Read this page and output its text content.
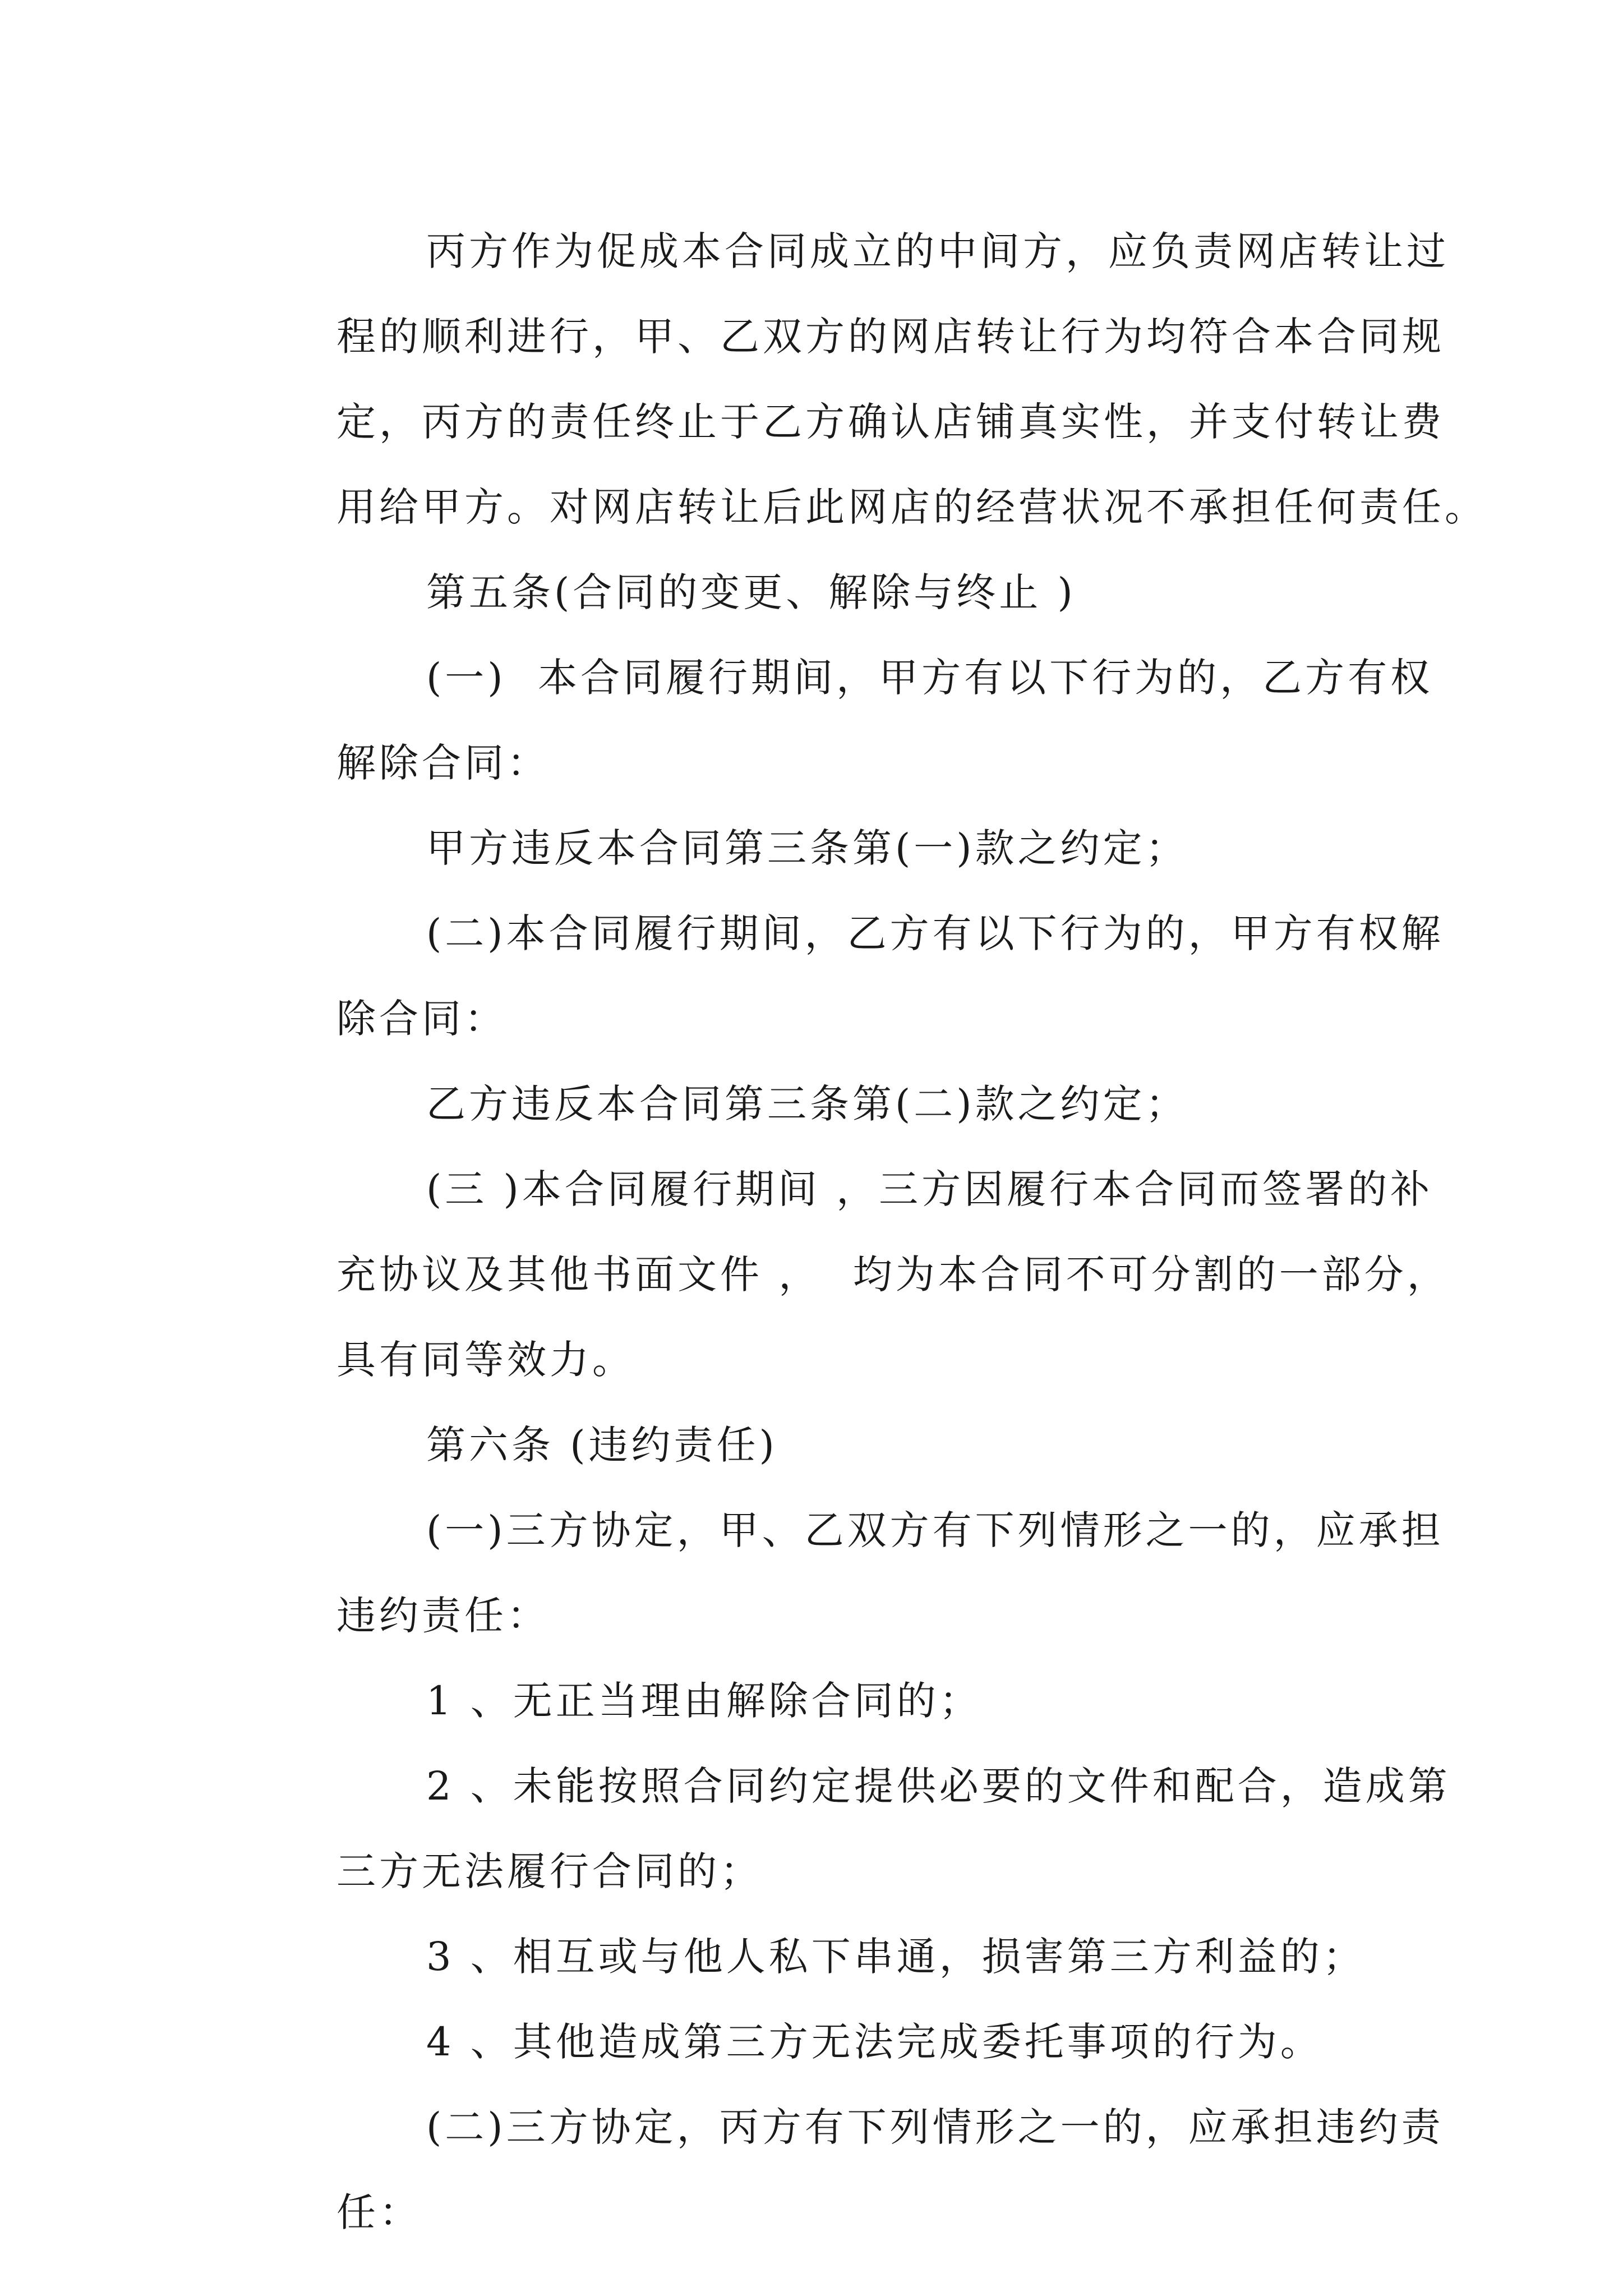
丙方作为促成本合同成立的中间方，应负责网店转让过
程的顺利进行，甲、乙双方的网店转让行为均符合本合同规
定，丙方的责任终止于乙方确认店铺真实性，并支付转让费
用给甲方。对网店转让后此网店的经营状况不承担任何责任。
第五条(合同的变更、解除与终止 )
(一)  本合同履行期间，甲方有以下行为的，乙方有权
解除合同：
甲方违反本合同第三条第(一)款之约定；
(二)本合同履行期间，乙方有以下行为的，甲方有权解
除合同：
乙方违反本合同第三条第(二)款之约定；
(三 )本合同履行期间 ，三方因履行本合同而签署的补
充协议及其他书面文件 ，  均为本合同不可分割的一部分，
具有同等效力。
第六条 (违约责任)
(一)三方协定，甲、乙双方有下列情形之一的，应承担
违约责任：
1 、无正当理由解除合同的；
2 、未能按照合同约定提供必要的文件和配合，造成第
三方无法履行合同的；
3 、相互或与他人私下串通，损害第三方利益的；
4 、其他造成第三方无法完成委托事项的行为。
(二)三方协定，丙方有下列情形之一的，应承担违约责
任：
